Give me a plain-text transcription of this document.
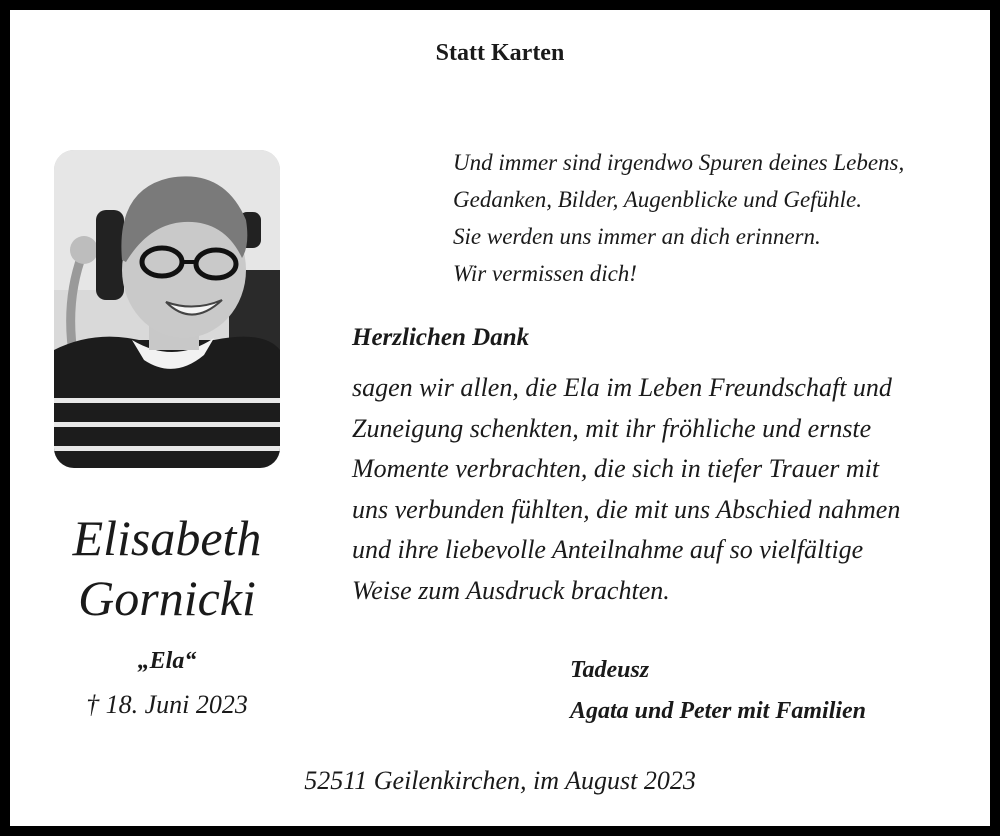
Statt Karten
Elisabeth
Gornicki
„Ela“
† 18. Juni 2023
Und immer sind irgendwo Spuren deines Lebens,
Gedanken, Bilder, Augenblicke und Gefühle.
Sie werden uns immer an dich erinnern.
Wir vermissen dich!
Herzlichen Dank
sagen wir allen, die Ela im Leben Freundschaft und
Zuneigung schenkten, mit ihr fröhliche und ernste
Momente verbrachten, die sich in tiefer Trauer mit
uns verbunden fühlten, die mit uns Abschied nahmen
und ihre liebevolle Anteilnahme auf so vielfältige
Weise zum Ausdruck brachten.
Tadeusz
Agata und Peter mit Familien
52511 Geilenkirchen, im August 2023
